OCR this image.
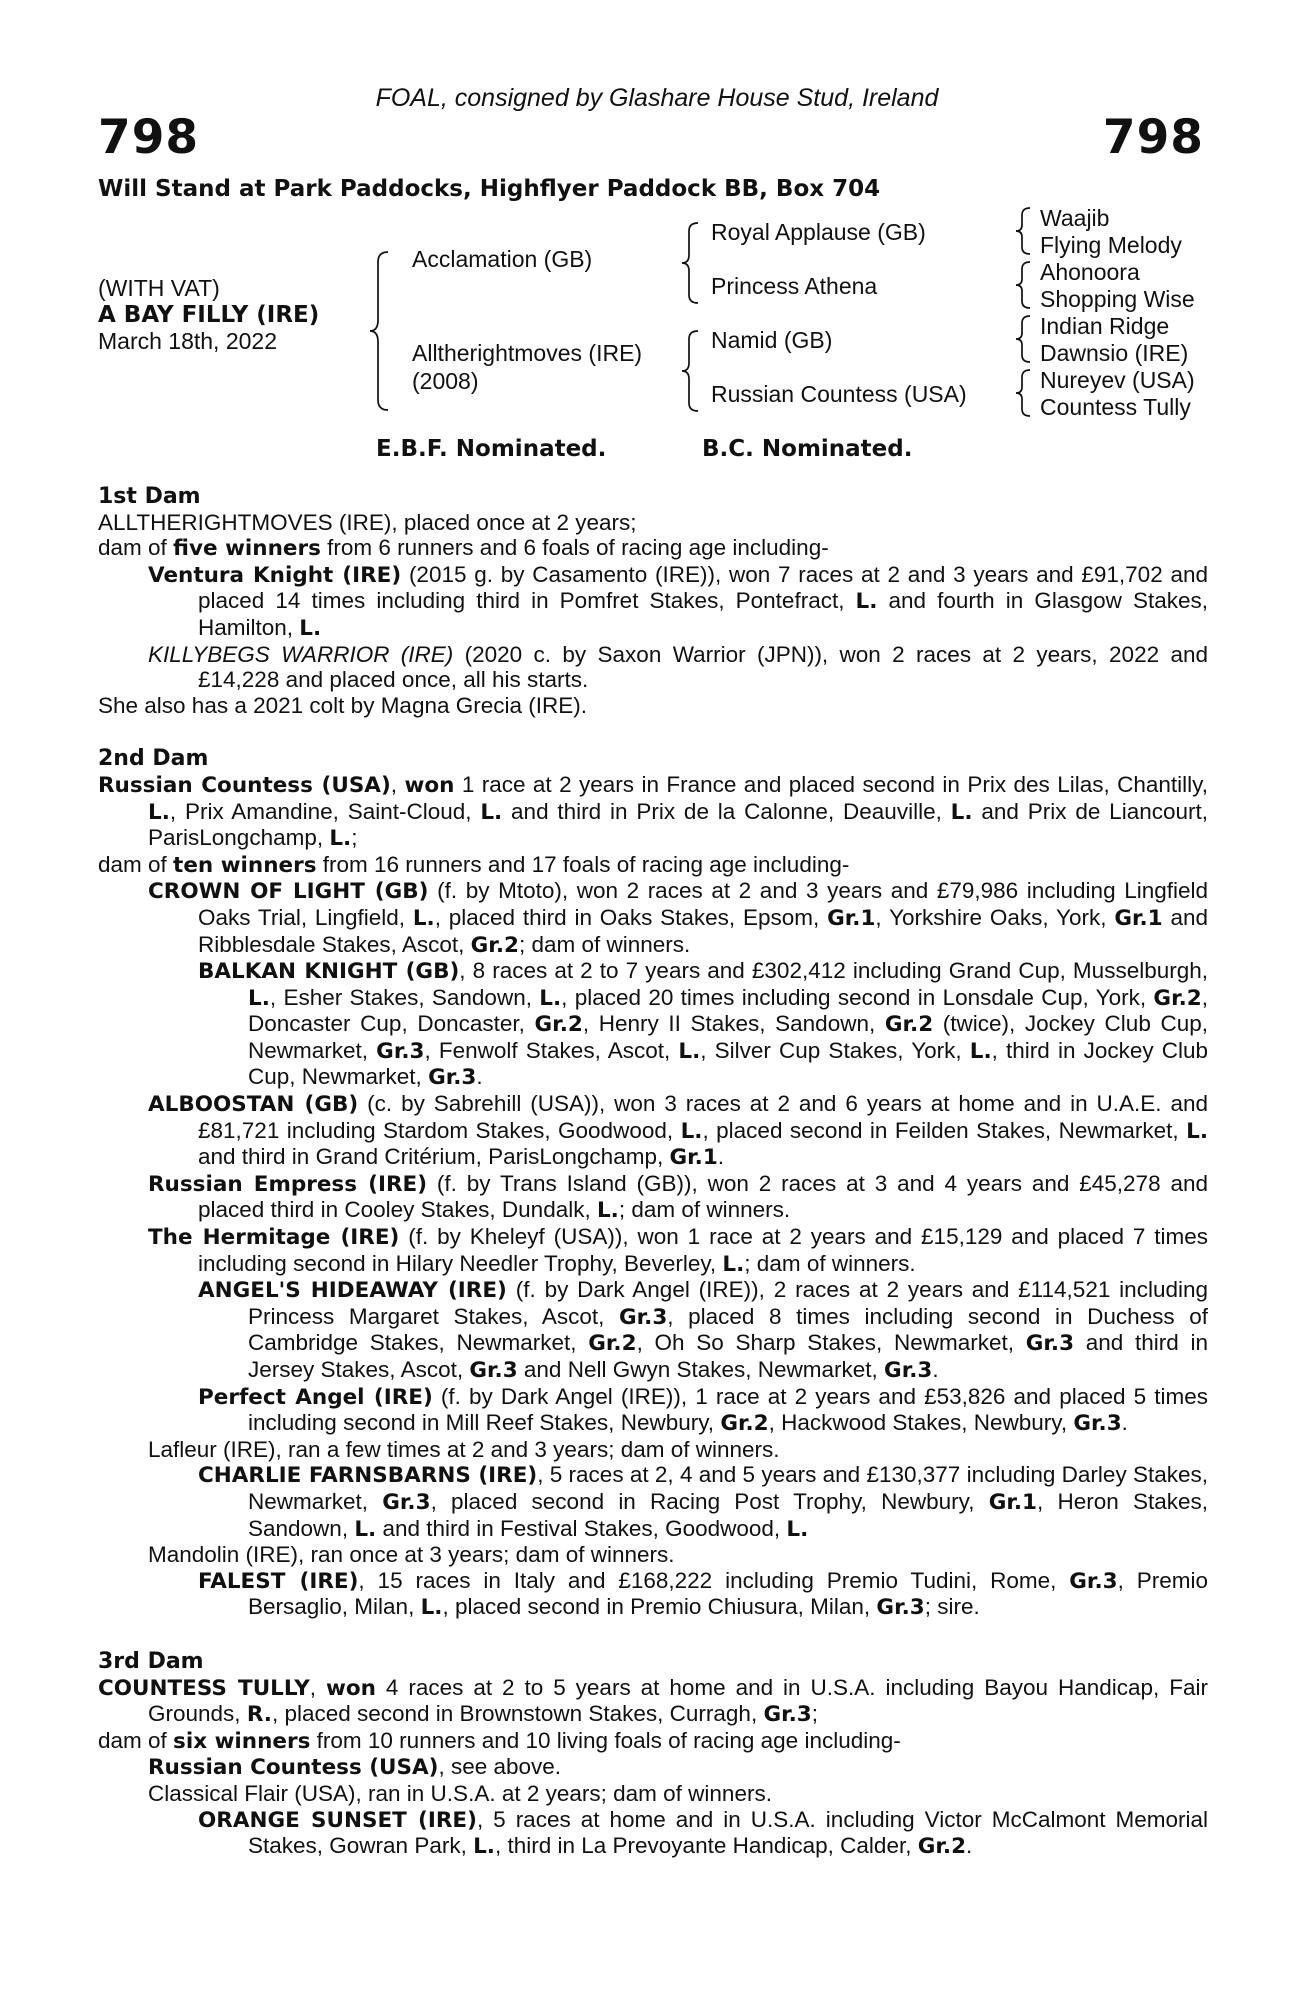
FOAL, consigned by Glashare House Stud, Ireland
798	798
Will Stand at Park Paddocks, Highflyer Paddock BB, Box 704
(WITH VAT)
A BAY FILLY (IRE)
March 18th, 2022
Acclamation (GB)
Alltherightmoves (IRE)
(2008)
Royal Applause (GB)
Princess Athena
Namid (GB)
Russian Countess (USA)
Waajib
Flying Melody
Ahonoora
Shopping Wise
Indian Ridge
Dawnsio (IRE)
Nureyev (USA)
Countess Tully
E.B.F. Nominated.	B.C. Nominated.
1st Dam
ALLTHERIGHTMOVES (IRE), placed once at 2 years;
dam of five winners from 6 runners and 6 foals of racing age including-
Ventura Knight (IRE) (2015 g. by Casamento (IRE)), won 7 races at 2 and 3 years and £91,702 and placed 14 times including third in Pomfret Stakes, Pontefract, L. and fourth in Glasgow Stakes, Hamilton, L.
KILLYBEGS WARRIOR (IRE) (2020 c. by Saxon Warrior (JPN)), won 2 races at 2 years, 2022 and £14,228 and placed once, all his starts.
She also has a 2021 colt by Magna Grecia (IRE).
2nd Dam
Russian Countess (USA), won 1 race at 2 years in France and placed second in Prix des Lilas, Chantilly, L., Prix Amandine, Saint-Cloud, L. and third in Prix de la Calonne, Deauville, L. and Prix de Liancourt, ParisLongchamp, L.;
dam of ten winners from 16 runners and 17 foals of racing age including-
CROWN OF LIGHT (GB) (f. by Mtoto), won 2 races at 2 and 3 years and £79,986 including Lingfield Oaks Trial, Lingfield, L., placed third in Oaks Stakes, Epsom, Gr.1, Yorkshire Oaks, York, Gr.1 and Ribblesdale Stakes, Ascot, Gr.2; dam of winners.
BALKAN KNIGHT (GB), 8 races at 2 to 7 years and £302,412 including Grand Cup, Musselburgh, L., Esher Stakes, Sandown, L., placed 20 times including second in Lonsdale Cup, York, Gr.2, Doncaster Cup, Doncaster, Gr.2, Henry II Stakes, Sandown, Gr.2 (twice), Jockey Club Cup, Newmarket, Gr.3, Fenwolf Stakes, Ascot, L., Silver Cup Stakes, York, L., third in Jockey Club Cup, Newmarket, Gr.3.
ALBOOSTAN (GB) (c. by Sabrehill (USA)), won 3 races at 2 and 6 years at home and in U.A.E. and £81,721 including Stardom Stakes, Goodwood, L., placed second in Feilden Stakes, Newmarket, L. and third in Grand Critérium, ParisLongchamp, Gr.1.
Russian Empress (IRE) (f. by Trans Island (GB)), won 2 races at 3 and 4 years and £45,278 and placed third in Cooley Stakes, Dundalk, L.; dam of winners.
The Hermitage (IRE) (f. by Kheleyf (USA)), won 1 race at 2 years and £15,129 and placed 7 times including second in Hilary Needler Trophy, Beverley, L.; dam of winners.
ANGEL'S HIDEAWAY (IRE) (f. by Dark Angel (IRE)), 2 races at 2 years and £114,521 including Princess Margaret Stakes, Ascot, Gr.3, placed 8 times including second in Duchess of Cambridge Stakes, Newmarket, Gr.2, Oh So Sharp Stakes, Newmarket, Gr.3 and third in Jersey Stakes, Ascot, Gr.3 and Nell Gwyn Stakes, Newmarket, Gr.3.
Perfect Angel (IRE) (f. by Dark Angel (IRE)), 1 race at 2 years and £53,826 and placed 5 times including second in Mill Reef Stakes, Newbury, Gr.2, Hackwood Stakes, Newbury, Gr.3.
Lafleur (IRE), ran a few times at 2 and 3 years; dam of winners.
CHARLIE FARNSBARNS (IRE), 5 races at 2, 4 and 5 years and £130,377 including Darley Stakes, Newmarket, Gr.3, placed second in Racing Post Trophy, Newbury, Gr.1, Heron Stakes, Sandown, L. and third in Festival Stakes, Goodwood, L.
Mandolin (IRE), ran once at 3 years; dam of winners.
FALEST (IRE), 15 races in Italy and £168,222 including Premio Tudini, Rome, Gr.3, Premio Bersaglio, Milan, L., placed second in Premio Chiusura, Milan, Gr.3; sire.
3rd Dam
COUNTESS TULLY, won 4 races at 2 to 5 years at home and in U.S.A. including Bayou Handicap, Fair Grounds, R., placed second in Brownstown Stakes, Curragh, Gr.3;
dam of six winners from 10 runners and 10 living foals of racing age including-
Russian Countess (USA), see above.
Classical Flair (USA), ran in U.S.A. at 2 years; dam of winners.
ORANGE SUNSET (IRE), 5 races at home and in U.S.A. including Victor McCalmont Memorial Stakes, Gowran Park, L., third in La Prevoyante Handicap, Calder, Gr.2.
